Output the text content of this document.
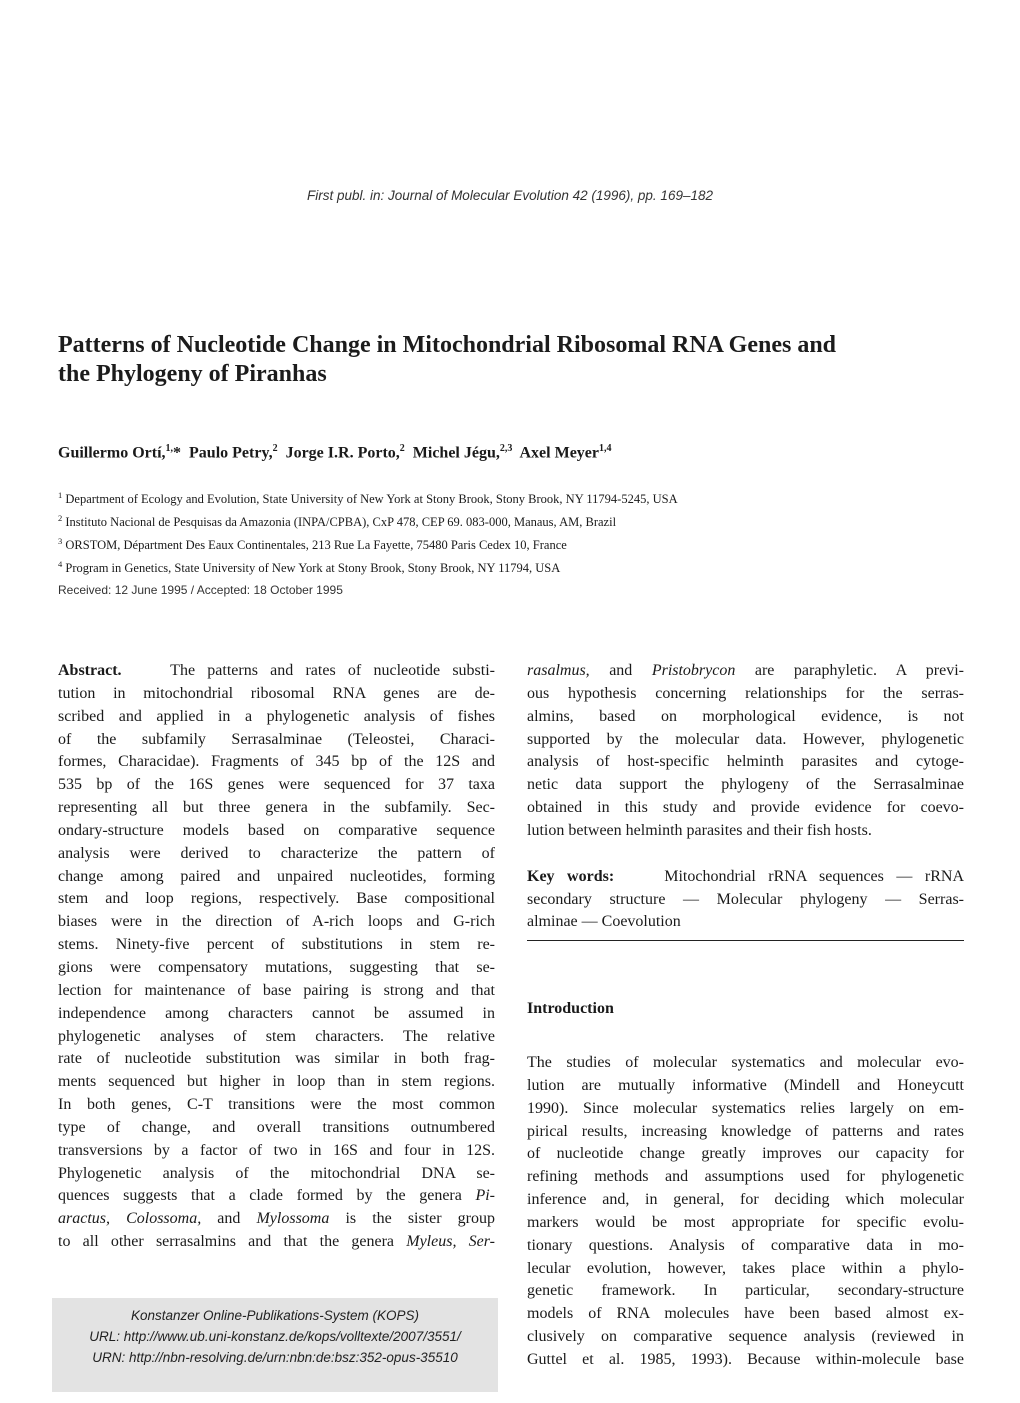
First publ. in: Journal of Molecular Evolution 42 (1996), pp. 169–182
Patterns of Nucleotide Change in Mitochondrial Ribosomal RNA Genes and
the Phylogeny of Piranhas
Guillermo Ortí,$^{1,}$* Paulo Petry,$^2$ Jorge I.R. Porto,$^2$ Michel Jégu,$^{2,3}$ Axel Meyer$^{1,4}$
$^1$ Department of Ecology and Evolution, State University of New York at Stony Brook, Stony Brook, NY 11794-5245, USA
$^2$ Instituto Nacional de Pesquisas da Amazonia (INPA/CPBA), CxP 478, CEP 69. 083-000, Manaus, AM, Brazil
$^3$ ORSTOM, Départment Des Eaux Continentales, 213 Rue La Fayette, 75480 Paris Cedex 10, France
$^4$ Program in Genetics, State University of New York at Stony Brook, Stony Brook, NY 11794, USA
Received: 12 June 1995 / Accepted: 18 October 1995

Abstract.	The patterns and rates of nucleotide substi-

tution in mitochondrial ribosomal RNA genes are de-

scribed and applied in a phylogenetic analysis of fishes

of the subfamily Serrasalminae (Teleostei, Characi-

formes, Characidae). Fragments of 345 bp of the 12S and

535 bp of the 16S genes were sequenced for 37 taxa

representing all but three genera in the subfamily. Sec-

ondary-structure models based on comparative sequence

analysis were derived to characterize the pattern of

change among paired and unpaired nucleotides, forming

stem and loop regions, respectively. Base compositional

biases were in the direction of A-rich loops and G-rich

stems. Ninety-five percent of substitutions in stem re-

gions were compensatory mutations, suggesting that se-

lection for maintenance of base pairing is strong and that

independence among characters cannot be assumed in

phylogenetic analyses of stem characters. The relative

rate of nucleotide substitution was similar in both frag-

ments sequenced but higher in loop than in stem regions.

In both genes, C-T transitions were the most common

type of change, and overall transitions outnumbered

transversions by a factor of two in 16S and four in 12S.

Phylogenetic analysis of the mitochondrial DNA se-

quences suggests that a clade formed by the genera Pi-

aractus, Colossoma, and Mylossoma is the sister group

to all other serrasalmins and that the genera Myleus, Ser-

rasalmus, and Pristobrycon are paraphyletic. A previ-

ous hypothesis concerning relationships for the serras-

almins, based on morphological evidence, is not

supported by the molecular data. However, phylogenetic

analysis of host-specific helminth parasites and cytoge-

netic data support the phylogeny of the Serrasalminae

obtained in this study and provide evidence for coevo-

lution between helminth parasites and their fish hosts.

Key words:	Mitochondrial rRNA sequences — rRNA

secondary structure — Molecular phylogeny — Serras-

alminae — Coevolution

Introduction

The studies of molecular systematics and molecular evo-

lution are mutually informative (Mindell and Honeycutt

1990). Since molecular systematics relies largely on em-

pirical results, increasing knowledge of patterns and rates

of nucleotide change greatly improves our capacity for

refining methods and assumptions used for phylogenetic

inference and, in general, for deciding which molecular

markers would be most appropriate for specific evolu-

tionary questions. Analysis of comparative data in mo-

lecular evolution, however, takes place within a phylo-

genetic framework. In particular, secondary-structure

models of RNA molecules have been based almost ex-

clusively on comparative sequence analysis (reviewed in

Guttel et al. 1985, 1993). Because within-molecule base

Konstanzer Online-Publikations-System (KOPS)
URL: http://www.ub.uni-konstanz.de/kops/volltexte/2007/3551/
URN: http://nbn-resolving.de/urn:nbn:de:bsz:352-opus-35510
